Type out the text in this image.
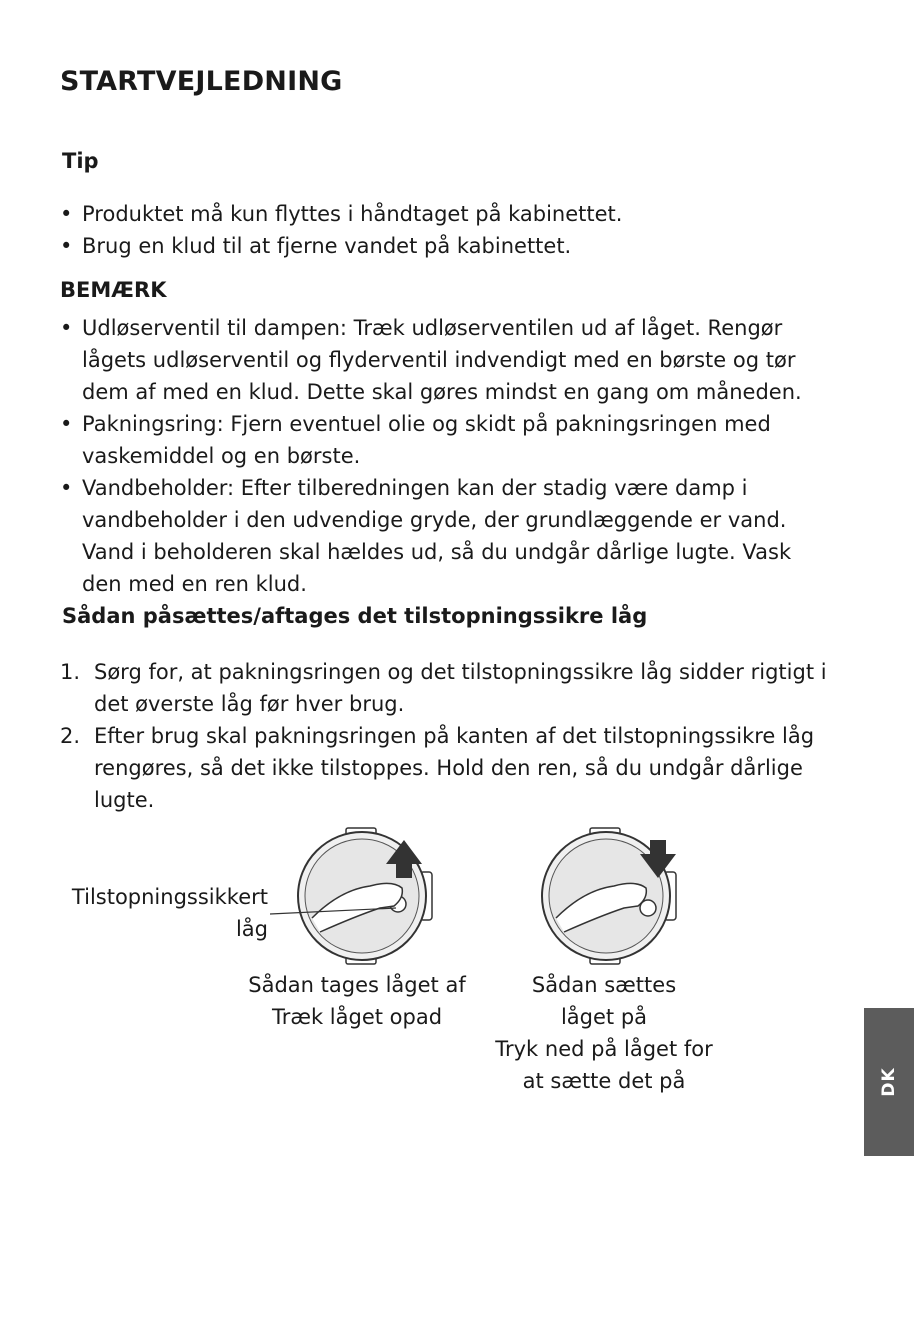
STARTVEJLEDNING
Tip
• Produktet må kun flyttes i håndtaget på kabinettet.
• Brug en klud til at fjerne vandet på kabinettet.
BEMÆRK
• Udløserventil til dampen: Træk udløserventilen ud af låget. Rengør lågets udløserventil og flyderventil indvendigt med en børste og tør dem af med en klud. Dette skal gøres mindst en gang om måneden.
• Pakningsring: Fjern eventuel olie og skidt på pakningsringen med vaskemiddel og en børste.
• Vandbeholder: Efter tilberedningen kan der stadig være damp i vandbeholder i den udvendige gryde, der grundlæggende er vand. Vand i beholderen skal hældes ud, så du undgår dårlige lugte. Vask den med en ren klud.
Sådan påsættes/aftages det tilstopningssikre låg
1. Sørg for, at pakningsringen og det tilstopningssikre låg sidder rigtigt i det øverste låg før hver brug.
2. Efter brug skal pakningsringen på kanten af det tilstopningssikre låg rengøres, så det ikke tilstoppes. Hold den ren, så du undgår dårlige lugte.
Tilstopningssikkert
låg
Sådan tages låget af
Træk låget opad
Sådan sættes
låget på
Tryk ned på låget for
at sætte det på	DK
